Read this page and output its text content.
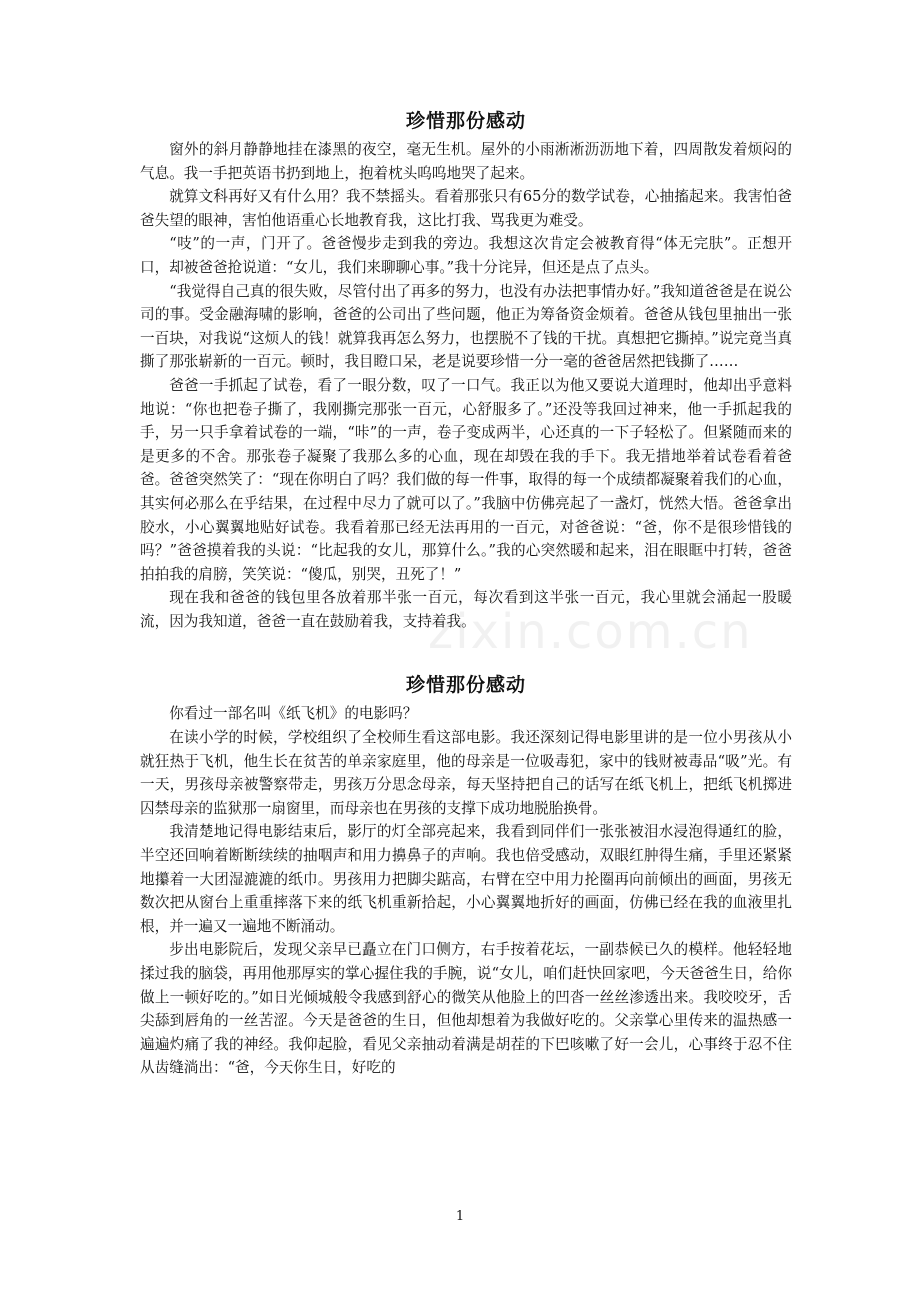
zixin.com.cn
珍惜那份感动

窗外的斜月静静地挂在漆黑的夜空，毫无生机。屋外的小雨淅淅沥沥地下着，四周散发着烦闷的气息。我一手把英语书扔到地上，抱着枕头呜呜地哭了起来。

就算文科再好又有什么用？我不禁摇头。看着那张只有65分的数学试卷，心抽搐起来。我害怕爸爸失望的眼神，害怕他语重心长地教育我，这比打我、骂我更为难受。

“吱”的一声，门开了。爸爸慢步走到我的旁边。我想这次肯定会被教育得“体无完肤”。正想开口，却被爸爸抢说道：“女儿，我们来聊聊心事。”我十分诧异，但还是点了点头。

“我觉得自己真的很失败，尽管付出了再多的努力，也没有办法把事情办好。”我知道爸爸是在说公司的事。受金融海啸的影响，爸爸的公司出了些问题，他正为筹备资金烦着。爸爸从钱包里抽出一张一百块，对我说“这烦人的钱！就算我再怎么努力，也摆脱不了钱的干扰。真想把它撕掉。”说完竟当真撕了那张崭新的一百元。顿时，我目瞪口呆，老是说要珍惜一分一毫的爸爸居然把钱撕了……

爸爸一手抓起了试卷，看了一眼分数，叹了一口气。我正以为他又要说大道理时，他却出乎意料地说：“你也把卷子撕了，我刚撕完那张一百元，心舒服多了。”还没等我回过神来，他一手抓起我的手，另一只手拿着试卷的一端，“咔”的一声，卷子变成两半，心还真的一下子轻松了。但紧随而来的是更多的不舍。那张卷子凝聚了我那么多的心血，现在却毁在我的手下。我无措地举着试卷看着爸爸。爸爸突然笑了：“现在你明白了吗？我们做的每一件事，取得的每一个成绩都凝聚着我们的心血，其实何必那么在乎结果，在过程中尽力了就可以了。”我脑中仿佛亮起了一盏灯，恍然大悟。爸爸拿出胶水，小心翼翼地贴好试卷。我看着那已经无法再用的一百元，对爸爸说：“爸，你不是很珍惜钱的吗？”爸爸摸着我的头说：“比起我的女儿，那算什么。”我的心突然暖和起来，泪在眼眶中打转，爸爸拍拍我的肩膀，笑笑说：“傻瓜，别哭，丑死了！”

现在我和爸爸的钱包里各放着那半张一百元，每次看到这半张一百元，我心里就会涌起一股暖流，因为我知道，爸爸一直在鼓励着我，支持着我。

珍惜那份感动

你看过一部名叫《纸飞机》的电影吗？

在读小学的时候，学校组织了全校师生看这部电影。我还深刻记得电影里讲的是一位小男孩从小就狂热于飞机，他生长在贫苦的单亲家庭里，他的母亲是一位吸毒犯，家中的钱财被毒品“吸”光。有一天，男孩母亲被警察带走，男孩万分思念母亲，每天坚持把自己的话写在纸飞机上，把纸飞机掷进囚禁母亲的监狱那一扇窗里，而母亲也在男孩的支撑下成功地脱胎换骨。

我清楚地记得电影结束后，影厅的灯全部亮起来，我看到同伴们一张张被泪水浸泡得通红的脸，半空还回响着断断续续的抽咽声和用力擤鼻子的声响。我也倍受感动，双眼红肿得生痛，手里还紧紧地攥着一大团湿漉漉的纸巾。男孩用力把脚尖踮高，右臂在空中用力抡圈再向前倾出的画面，男孩无数次把从窗台上重重摔落下来的纸飞机重新拾起，小心翼翼地折好的画面，仿佛已经在我的血液里扎根，并一遍又一遍地不断涌动。

步出电影院后，发现父亲早已矗立在门口侧方，右手按着花坛，一副恭候已久的模样。他轻轻地揉过我的脑袋，再用他那厚实的掌心握住我的手腕，说“女儿，咱们赶快回家吧，今天爸爸生日，给你做上一顿好吃的。”如日光倾城般令我感到舒心的微笑从他脸上的凹沓一丝丝渗透出来。我咬咬牙，舌尖舔到唇角的一丝苦涩。今天是爸爸的生日，但他却想着为我做好吃的。父亲掌心里传来的温热感一遍遍灼痛了我的神经。我仰起脸，看见父亲抽动着满是胡茬的下巴咳嗽了好一会儿，心事终于忍不住从齿缝淌出：“爸，今天你生日，好吃的

1
